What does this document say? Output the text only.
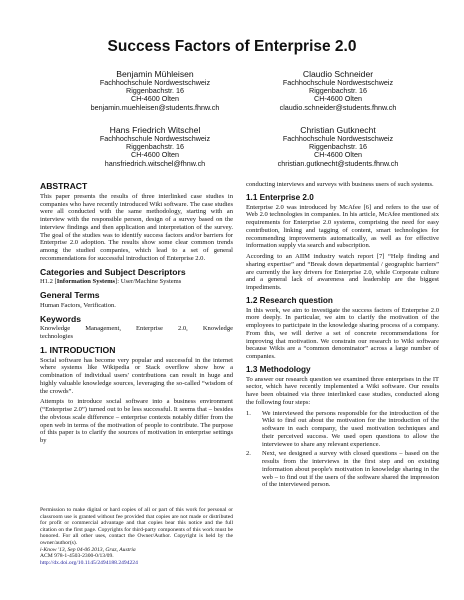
Success Factors of Enterprise 2.0
Benjamin Mühleisen
Fachhochschule Nordwestschweiz
Riggenbachstr. 16
CH-4600 Olten
benjamin.muehleisen@students.fhnw.ch
Claudio Schneider
Fachhochschule Nordwestschweiz
Riggenbachstr. 16
CH-4600 Olten
claudio.schneider@students.fhnw.ch
Hans Friedrich Witschel
Fachhochschule Nordwestschweiz
Riggenbachstr. 16
CH-4600 Olten
hansfriedrich.witschel@fhnw.ch
Christian Gutknecht
Fachhochschule Nordwestschweiz
Riggenbachstr. 16
CH-4600 Olten
christian.gutknecht@students.fhnw.ch
ABSTRACT

This paper presents the results of three interlinked case studies in companies who have recently introduced Wiki software. The case studies were all conducted with the same methodology, starting with an interview with the responsible person, design of a survey based on the interview findings and then application and interpretation of the survey. The goal of the studies was to identify success factors and/or barriers for Enterprise 2.0 adoption. The results show some clear common trends among the studied companies, which lead to a set of general recommendations for successful introduction of Enterprise 2.0.

Categories and Subject Descriptors

H1.2 [Information Systems]: User/Machine Systems

General Terms

Human Factors, Verification.

Keywords
Knowledge Management, Enterprise 2.0, Knowledge

technologies

1. INTRODUCTION

Social software has become very popular and successful in the internet where systems like Wikipedia or Stack overflow show how a combination of individual users' contributions can result in huge and highly valuable knowledge sources, leveraging the so-called “wisdom of the crowds”.

Attempts to introduce social software into a business environment (“Enterprise 2.0”) turned out to be less successful. It seems that – besides the obvious scale difference – enterprise contexts notably differ from the open web in terms of the motivation of people to contribute. The purpose of this paper is to clarify the sources of motivation in enterprise settings by

Permission to make digital or hard copies of all or part of this work for personal or classroom use is granted without fee provided that copies are not made or distributed for profit or commercial advantage and that copies bear this notice and the full citation on the first page. Copyrights for third-party components of this work must be honored. For all other uses, contact the Owner/Author. Copyright is held by the owner/author(s).

i-Know '13, Sep 04-06 2013, Graz, Austria

ACM 978-1-4503-2300-0/13/09.

http://dx.doi.org/10.1145/2494188.2494224

conducting interviews and surveys with business users of such systems.

1.1 Enterprise 2.0

Enterprise 2.0 was introduced by McAfee [6] and refers to the use of Web 2.0 technologies in companies. In his article, McAfee mentioned six requirements for Enterprise 2.0 systems, comprising the need for easy contribution, linking and tagging of content, smart technologies for recommending improvements automatically, as well as for effective information supply via search and subscription.

According to an AIIM industry watch report [7] “Help finding and sharing expertise” and “Break down departmental / geographic barriers” are currently the key drivers for Enterprise 2.0, while Corporate culture and a general lack of awareness and leadership are the biggest impediments.

1.2 Research question

In this work, we aim to investigate the success factors of Enterprise 2.0 more deeply. In particular, we aim to clarify the motivation of the employees to participate in the knowledge sharing process of a company. From this, we will derive a set of concrete recommendations for improving that motivation. We constrain our research to Wiki software because Wikis are a “common denominator” across a large number of companies.

1.3 Methodology

To answer our research question we examined three enterprises in the IT sector, which have recently implemented a Wiki software. Our results have been obtained via three interlinked case studies, conducted along the following four steps:

1.	We interviewed the persons responsible for the introduction of the Wiki to find out about the motivation for the introduction of the software in each company, the used motivation techniques and their perceived success. We used open questions to allow the interviewee to share any relevant experience.
2.	Next, we designed a survey with closed questions – based on the results from the interviews in the first step and on existing information about people's motivation in knowledge sharing in the web – to find out if the users of the software shared the impression of the interviewed person.
